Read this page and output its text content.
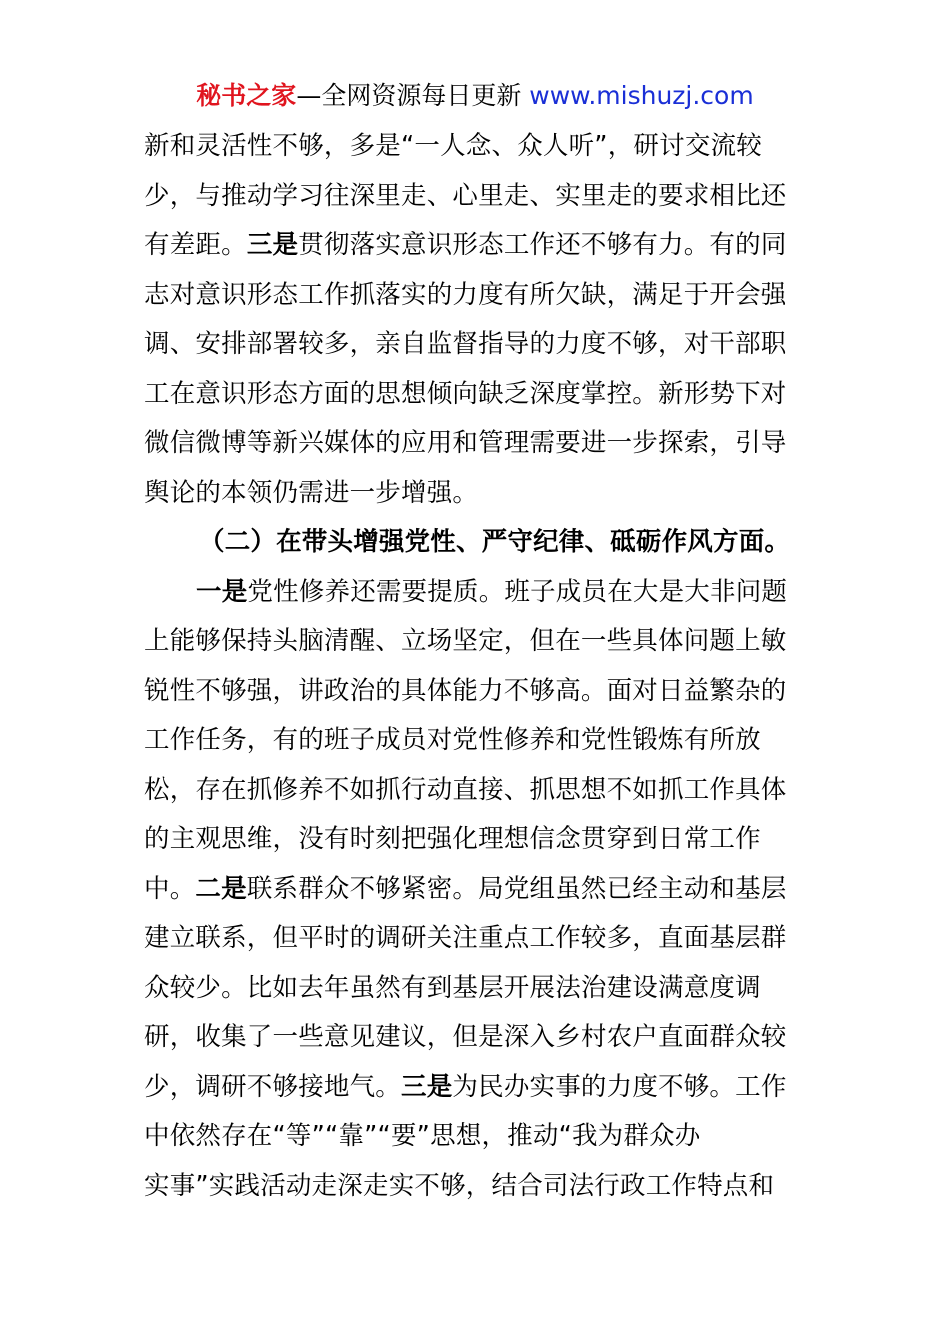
秘书之家—全网资源每日更新 www.mishuzj.com
新和灵活性不够，多是“一人念、众人听”，研讨交流较
少，与推动学习往深里走、心里走、实里走的要求相比还
有差距。三是贯彻落实意识形态工作还不够有力。有的同
志对意识形态工作抓落实的力度有所欠缺，满足于开会强
调、安排部署较多，亲自监督指导的力度不够，对干部职
工在意识形态方面的思想倾向缺乏深度掌控。新形势下对
微信微博等新兴媒体的应用和管理需要进一步探索，引导
舆论的本领仍需进一步增强。
（二）在带头增强党性、严守纪律、砥砺作风方面。
一是党性修养还需要提质。班子成员在大是大非问题
上能够保持头脑清醒、立场坚定，但在一些具体问题上敏
锐性不够强，讲政治的具体能力不够高。面对日益繁杂的
工作任务，有的班子成员对党性修养和党性锻炼有所放
松，存在抓修养不如抓行动直接、抓思想不如抓工作具体
的主观思维，没有时刻把强化理想信念贯穿到日常工作
中。二是联系群众不够紧密。局党组虽然已经主动和基层
建立联系，但平时的调研关注重点工作较多，直面基层群
众较少。比如去年虽然有到基层开展法治建设满意度调
研，收集了一些意见建议，但是深入乡村农户直面群众较
少，调研不够接地气。三是为民办实事的力度不够。工作
中依然存在“等”“靠”“要”思想，推动“我为群众办
实事”实践活动走深走实不够，结合司法行政工作特点和
